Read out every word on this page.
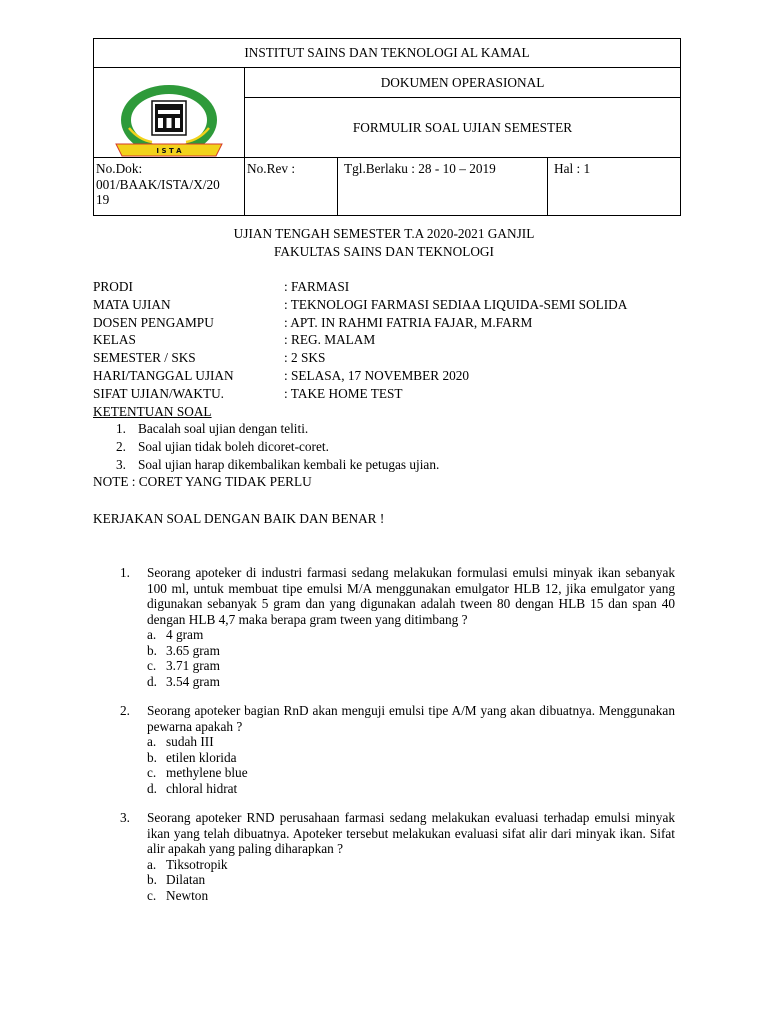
INSTITUT SAINS DAN TEKNOLOGI AL KAMAL			

INSTITUT SAINS DAN TEKNOLOGI AL KAMAL
I S T A	DOKUMEN OPERASIONAL		
	FORMULIR SOAL UJIAN SEMESTER		

No.Dok:
001/BAAK/ISTA/X/20
19	No.Rev :	Tgl.Berlaku : 28 - 10 – 2019	Hal : 1
UJIAN TENGAH SEMESTER T.A 2020-2021 GANJIL
FAKULTAS SAINS DAN TEKNOLOGI
PRODI	: FARMASI
MATA UJIAN	: TEKNOLOGI FARMASI SEDIAA LIQUIDA-SEMI SOLIDA
DOSEN PENGAMPU	: APT. IN RAHMI FATRIA FAJAR, M.FARM
KELAS	: REG. MALAM
SEMESTER / SKS	: 2 SKS
HARI/TANGGAL UJIAN	: SELASA, 17 NOVEMBER 2020
SIFAT UJIAN/WAKTU.	: TAKE HOME TEST
KETENTUAN SOAL
1. Bacalah soal ujian dengan teliti.
2. Soal ujian tidak boleh dicoret-coret.
3. Soal ujian harap dikembalikan kembali ke petugas ujian.
NOTE : CORET YANG TIDAK PERLU
KERJAKAN SOAL DENGAN BAIK DAN BENAR !
1. Seorang apoteker di industri farmasi sedang melakukan formulasi emulsi minyak ikan sebanyak 100 ml, untuk membuat tipe emulsi M/A menggunakan emulgator HLB 12, jika emulgator yang digunakan sebanyak 5 gram dan yang digunakan adalah tween 80 dengan HLB 15 dan span 40 dengan HLB 4,7 maka berapa gram tween yang ditimbang ?
a. 4 gram
b. 3.65 gram
c. 3.71 gram
d. 3.54 gram
2. Seorang apoteker bagian RnD akan menguji emulsi tipe A/M yang akan dibuatnya. Menggunakan pewarna apakah ?
a. sudah III
b. etilen klorida
c. methylene blue
d. chloral hidrat
3. Seorang apoteker RND perusahaan farmasi sedang melakukan evaluasi terhadap emulsi minyak ikan yang telah dibuatnya. Apoteker tersebut melakukan evaluasi sifat alir dari minyak ikan. Sifat alir apakah yang paling diharapkan ?
a. Tiksotropik
b. Dilatan
c. Newton
